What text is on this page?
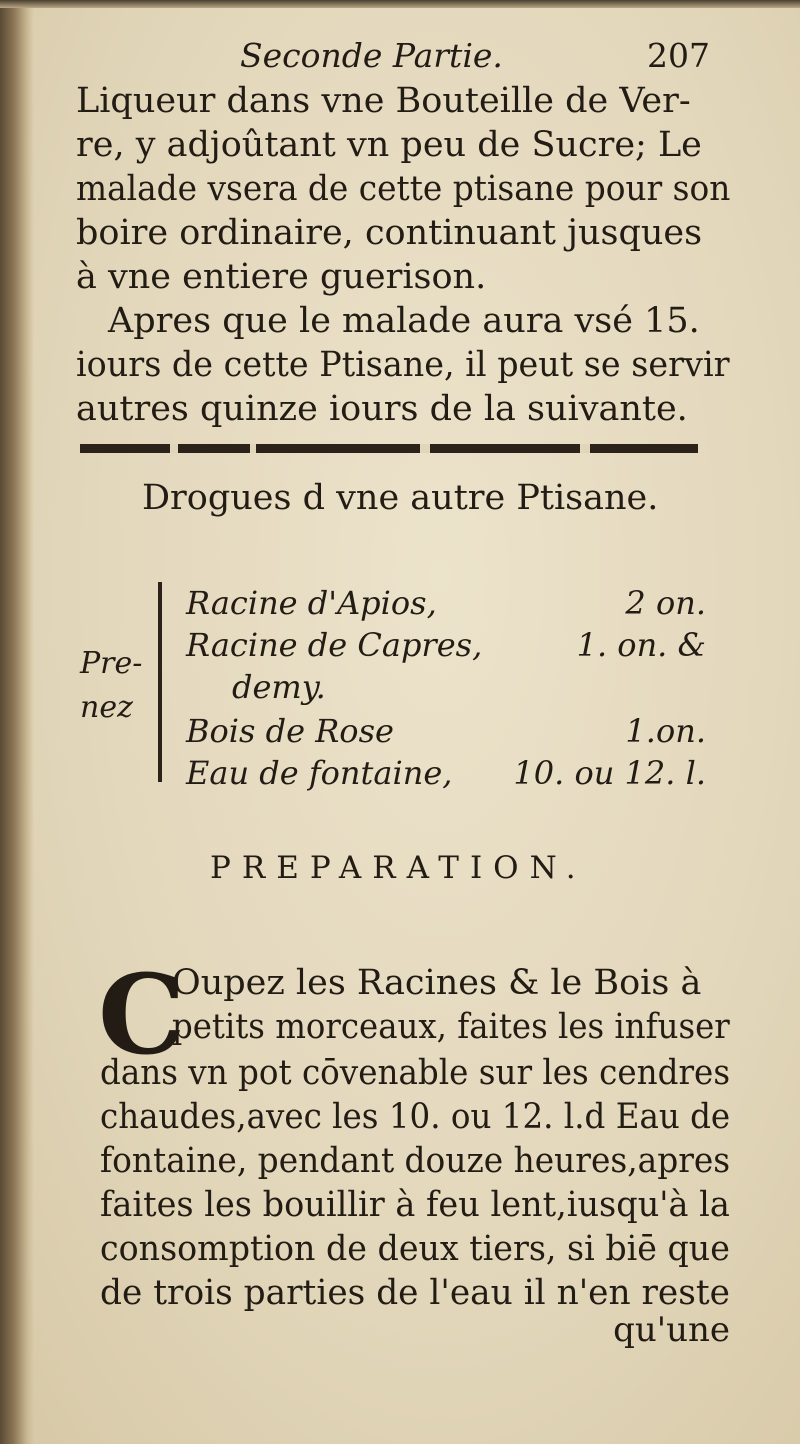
Seconde Partie.	207
Liqueur dans vne Bouteille de Ver-
re, y adjoûtant vn peu de Sucre; Le
malade vsera de cette ptisane pour son
boire ordinaire, continuant jusques
à vne entiere guerison.
Apres que le malade aura vsé 15.
iours de cette Ptisane, il peut se servir
autres quinze iours de la suivante.
Drogues d vne autre Ptisane.
Pre-
nez
Racine d'Apios,	2 on.
Racine de Capres,	1. on. &
demy.
Bois de Rose	1.on.
Eau de fontaine, 10. ou 12. l.
PREPARATION.
C
Oupez les Racines & le Bois à
petits morceaux, faites les infuser
dans vn pot cōvenable sur les cendres
chaudes,avec les 10. ou 12. l.d Eau de
fontaine, pendant douze heures,apres
faites les bouillir à feu lent,iusqu'à la
consomption de deux tiers, si biē que
de trois parties de l'eau il n'en reste
qu'une
